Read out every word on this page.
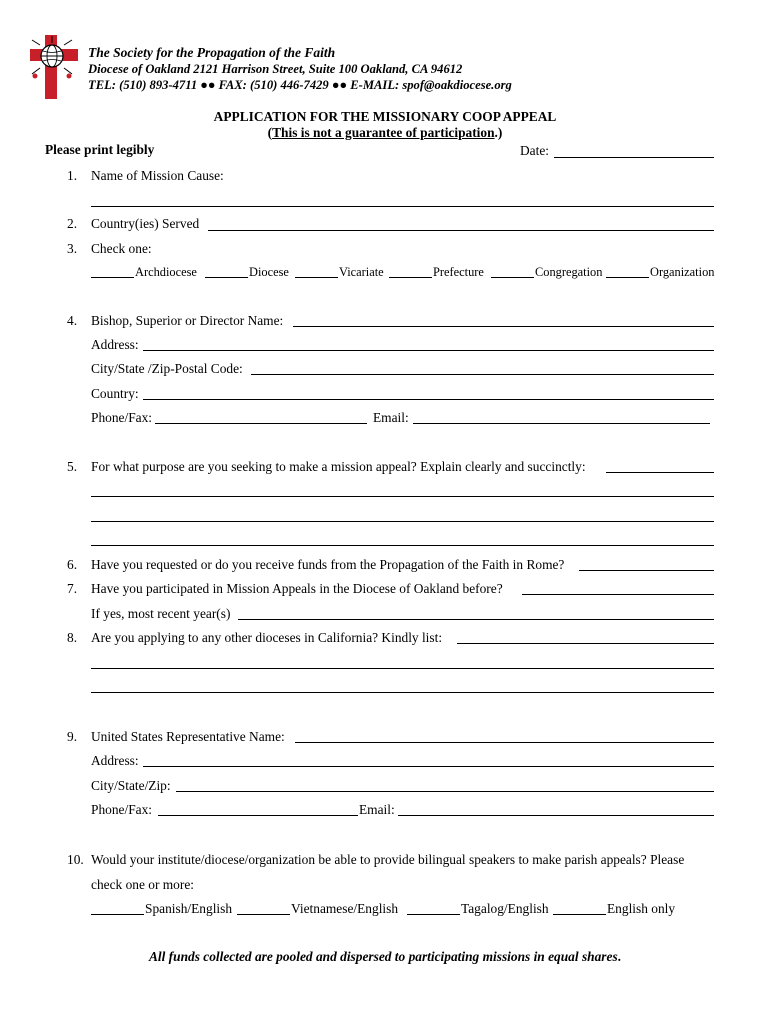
The Society for the Propagation of the Faith
Diocese of Oakland 2121 Harrison Street, Suite 100 Oakland, CA 94612
TEL: (510) 893-4711 ●● FAX: (510) 446-7429 ●● E-MAIL: spof@oakdiocese.org
APPLICATION FOR THE MISSIONARY COOP APPEAL
(This is not a guarantee of participation.)
Please print legibly	Date:
1. Name of Mission Cause:
2. Country(ies) Served
3. Check one:
Archdiocese	Diocese	Vicariate	Prefecture	Congregation	Organization
4. Bishop, Superior or Director Name:
Address:
City/State /Zip-Postal Code:
Country:
Phone/Fax:	Email:
5. For what purpose are you seeking to make a mission appeal? Explain clearly and succinctly:
6. Have you requested or do you receive funds from the Propagation of the Faith in Rome?
7. Have you participated in Mission Appeals in the Diocese of Oakland before?
If yes, most recent year(s)
8. Are you applying to any other dioceses in California? Kindly list:
9. United States Representative Name:
Address:
City/State/Zip:
Phone/Fax:	Email:
10. Would your institute/diocese/organization be able to provide bilingual speakers to make parish appeals? Please
check one or more:
Spanish/English	Vietnamese/English	Tagalog/English	English only
All funds collected are pooled and dispersed to participating missions in equal shares.
